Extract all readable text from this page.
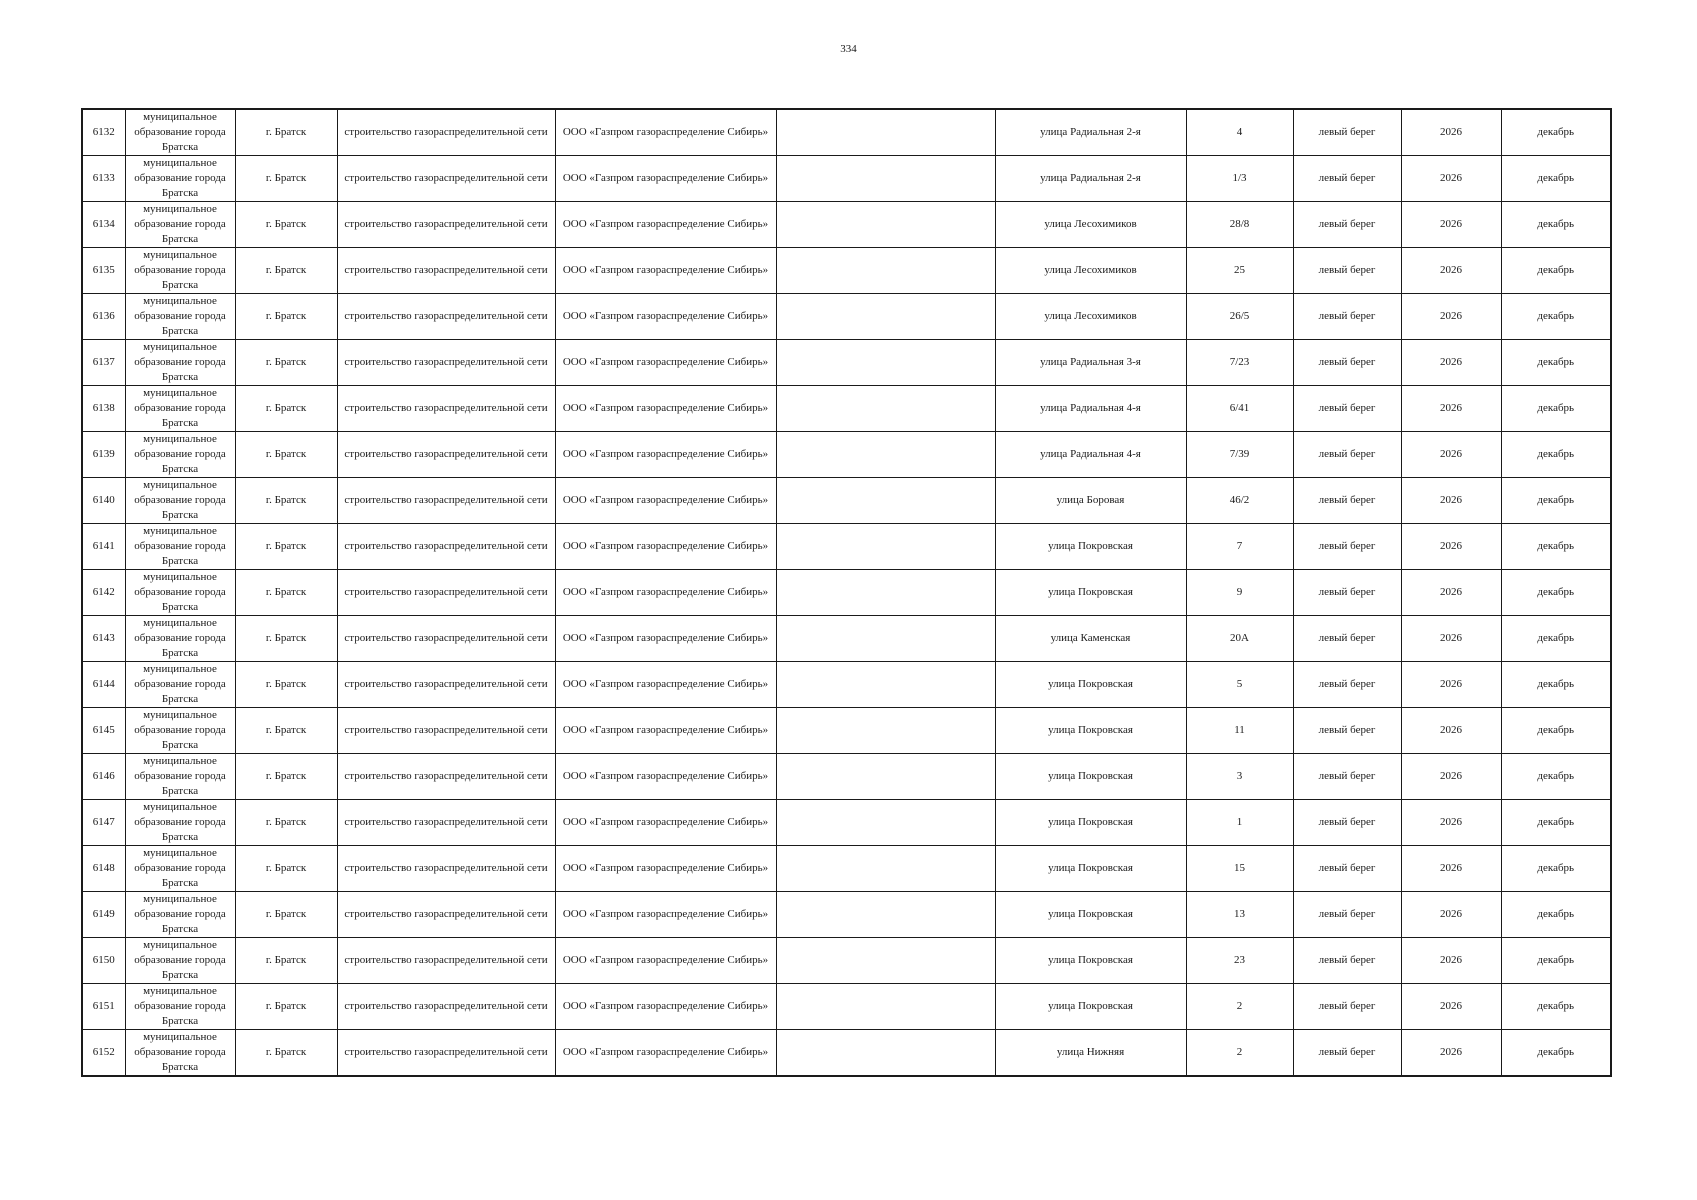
334
6132	муниципальное образование города Братска	г. Братск	строительство газораспределительной сети	ООО «Газпром газораспределение Сибирь»		улица Радиальная 2-я	4	левый берег	2026	декабрь
6133	муниципальное образование города Братска	г. Братск	строительство газораспределительной сети	ООО «Газпром газораспределение Сибирь»		улица Радиальная 2-я	1/3	левый берег	2026	декабрь
6134	муниципальное образование города Братска	г. Братск	строительство газораспределительной сети	ООО «Газпром газораспределение Сибирь»		улица Лесохимиков	28/8	левый берег	2026	декабрь
6135	муниципальное образование города Братска	г. Братск	строительство газораспределительной сети	ООО «Газпром газораспределение Сибирь»		улица Лесохимиков	25	левый берег	2026	декабрь
6136	муниципальное образование города Братска	г. Братск	строительство газораспределительной сети	ООО «Газпром газораспределение Сибирь»		улица Лесохимиков	26/5	левый берег	2026	декабрь
6137	муниципальное образование города Братска	г. Братск	строительство газораспределительной сети	ООО «Газпром газораспределение Сибирь»		улица Радиальная 3-я	7/23	левый берег	2026	декабрь
6138	муниципальное образование города Братска	г. Братск	строительство газораспределительной сети	ООО «Газпром газораспределение Сибирь»		улица Радиальная 4-я	6/41	левый берег	2026	декабрь
6139	муниципальное образование города Братска	г. Братск	строительство газораспределительной сети	ООО «Газпром газораспределение Сибирь»		улица Радиальная 4-я	7/39	левый берег	2026	декабрь
6140	муниципальное образование города Братска	г. Братск	строительство газораспределительной сети	ООО «Газпром газораспределение Сибирь»		улица Боровая	46/2	левый берег	2026	декабрь
6141	муниципальное образование города Братска	г. Братск	строительство газораспределительной сети	ООО «Газпром газораспределение Сибирь»		улица Покровская	7	левый берег	2026	декабрь
6142	муниципальное образование города Братска	г. Братск	строительство газораспределительной сети	ООО «Газпром газораспределение Сибирь»		улица Покровская	9	левый берег	2026	декабрь
6143	муниципальное образование города Братска	г. Братск	строительство газораспределительной сети	ООО «Газпром газораспределение Сибирь»		улица Каменская	20А	левый берег	2026	декабрь
6144	муниципальное образование города Братска	г. Братск	строительство газораспределительной сети	ООО «Газпром газораспределение Сибирь»		улица Покровская	5	левый берег	2026	декабрь
6145	муниципальное образование города Братска	г. Братск	строительство газораспределительной сети	ООО «Газпром газораспределение Сибирь»		улица Покровская	11	левый берег	2026	декабрь
6146	муниципальное образование города Братска	г. Братск	строительство газораспределительной сети	ООО «Газпром газораспределение Сибирь»		улица Покровская	3	левый берег	2026	декабрь
6147	муниципальное образование города Братска	г. Братск	строительство газораспределительной сети	ООО «Газпром газораспределение Сибирь»		улица Покровская	1	левый берег	2026	декабрь
6148	муниципальное образование города Братска	г. Братск	строительство газораспределительной сети	ООО «Газпром газораспределение Сибирь»		улица Покровская	15	левый берег	2026	декабрь
6149	муниципальное образование города Братска	г. Братск	строительство газораспределительной сети	ООО «Газпром газораспределение Сибирь»		улица Покровская	13	левый берег	2026	декабрь
6150	муниципальное образование города Братска	г. Братск	строительство газораспределительной сети	ООО «Газпром газораспределение Сибирь»		улица Покровская	23	левый берег	2026	декабрь
6151	муниципальное образование города Братска	г. Братск	строительство газораспределительной сети	ООО «Газпром газораспределение Сибирь»		улица Покровская	2	левый берег	2026	декабрь
6152	муниципальное образование города Братска	г. Братск	строительство газораспределительной сети	ООО «Газпром газораспределение Сибирь»		улица Нижняя	2	левый берег	2026	декабрь
